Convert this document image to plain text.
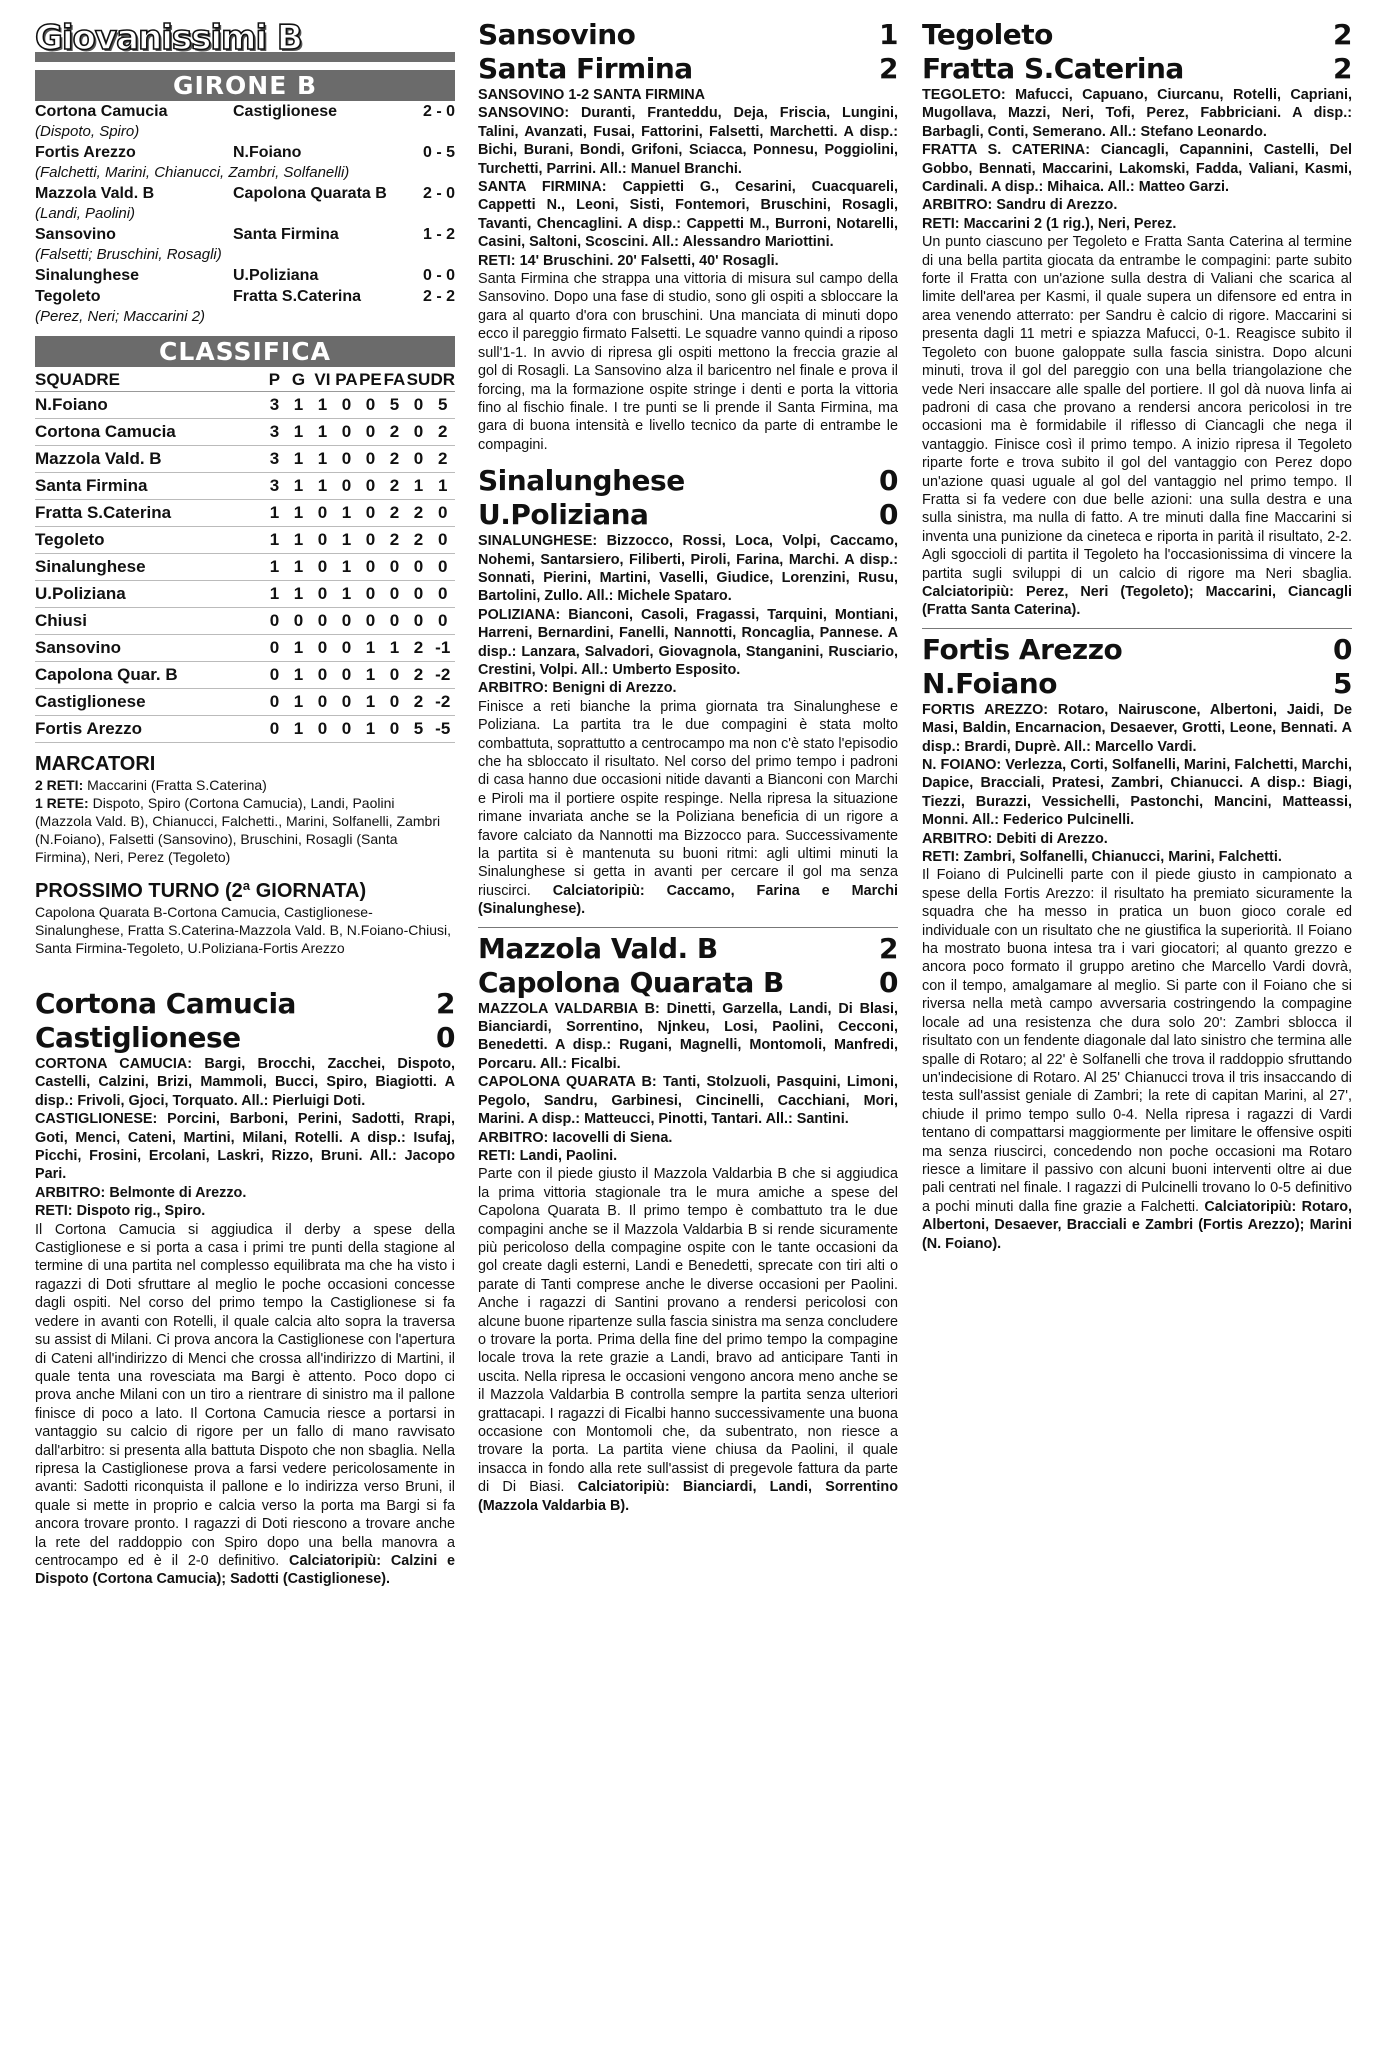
Giovanissimi B
GIRONE B
Cortona Camucia	Castiglionese	2 - 0
(Dispoto, Spiro)
Fortis Arezzo	N.Foiano	0 - 5
(Falchetti, Marini, Chianucci, Zambri, Solfanelli)
Mazzola Vald. B	Capolona Quarata B	2 - 0
(Landi, Paolini)
Sansovino	Santa Firmina	1 - 2
(Falsetti; Bruschini, Rosagli)
Sinalunghese	U.Poliziana	0 - 0
Tegoleto	Fratta S.Caterina	2 - 2
(Perez, Neri; Maccarini 2)
CLASSIFICA
SQUADRE	P	G	VI	PA	PE	FA	SU	DR
N.Foiano	3	1	1	0	0	5	0	5
Cortona Camucia	3	1	1	0	0	2	0	2
Mazzola Vald. B	3	1	1	0	0	2	0	2
Santa Firmina	3	1	1	0	0	2	1	1
Fratta S.Caterina	1	1	0	1	0	2	2	0
Tegoleto	1	1	0	1	0	2	2	0
Sinalunghese	1	1	0	1	0	0	0	0
U.Poliziana	1	1	0	1	0	0	0	0
Chiusi	0	0	0	0	0	0	0	0
Sansovino	0	1	0	0	1	1	2	-1
Capolona Quar. B	0	1	0	0	1	0	2	-2
Castiglionese	0	1	0	0	1	0	2	-2
Fortis Arezzo	0	1	0	0	1	0	5	-5
MARCATORI
2 RETI: Maccarini (Fratta S.Caterina)
1 RETE: Dispoto, Spiro (Cortona Camucia), Landi, Paolini (Mazzola Vald. B), Chianucci, Falchetti., Marini, Solfanelli, Zambri (N.Foiano), Falsetti (Sansovino), Bruschini, Rosagli (Santa Firmina), Neri, Perez (Tegoleto)
PROSSIMO TURNO (2ª GIORNATA)
Capolona Quarata B-Cortona Camucia, Castiglionese-Sinalunghese, Fratta S.Caterina-Mazzola Vald. B, N.Foiano-Chiusi, Santa Firmina-Tegoleto, U.Poliziana-Fortis Arezzo
Cortona Camucia	2
Castiglionese	0
CORTONA CAMUCIA: Bargi, Brocchi, Zacchei, Dispoto, Castelli, Calzini, Brizi, Mammoli, Bucci, Spiro, Biagiotti. A disp.: Frivoli, Gjoci, Torquato. All.: Pierluigi Doti.
CASTIGLIONESE: Porcini, Barboni, Perini, Sadotti, Rrapi, Goti, Menci, Cateni, Martini, Milani, Rotelli. A disp.: Isufaj, Picchi, Frosini, Ercolani, Laskri, Rizzo, Bruni. All.: Jacopo Pari.
ARBITRO: Belmonte di Arezzo.
RETI: Dispoto rig., Spiro.
Il Cortona Camucia si aggiudica il derby a spese della Castiglionese e si porta a casa i primi tre punti della stagione al termine di una partita nel complesso equilibrata ma che ha visto i ragazzi di Doti sfruttare al meglio le poche occasioni concesse dagli ospiti. Nel corso del primo tempo la Castiglionese si fa vedere in avanti con Rotelli, il quale calcia alto sopra la traversa su assist di Milani. Ci prova ancora la Castiglionese con l'apertura di Cateni all'indirizzo di Menci che crossa all'indirizzo di Martini, il quale tenta una rovesciata ma Bargi è attento. Poco dopo ci prova anche Milani con un tiro a rientrare di sinistro ma il pallone finisce di poco a lato. Il Cortona Camucia riesce a portarsi in vantaggio su calcio di rigore per un fallo di mano ravvisato dall'arbitro: si presenta alla battuta Dispoto che non sbaglia. Nella ripresa la Castiglionese prova a farsi vedere pericolosamente in avanti: Sadotti riconquista il pallone e lo indirizza verso Bruni, il quale si mette in proprio e calcia verso la porta ma Bargi si fa ancora trovare pronto. I ragazzi di Doti riescono a trovare anche la rete del raddoppio con Spiro dopo una bella manovra a centrocampo ed è il 2-0 definitivo. Calciatoripiù: Calzini e Dispoto (Cortona Camucia); Sadotti (Castiglionese).
Sansovino	1
Santa Firmina	2
SANSOVINO 1-2 SANTA FIRMINA
SANSOVINO: Duranti, Franteddu, Deja, Friscia, Lungini, Talini, Avanzati, Fusai, Fattorini, Falsetti, Marchetti. A disp.: Bichi, Burani, Bondi, Grifoni, Sciacca, Ponnesu, Poggiolini, Turchetti, Parrini. All.: Manuel Branchi.
SANTA FIRMINA: Cappietti G., Cesarini, Cuacquareli, Cappetti N., Leoni, Sisti, Fontemori, Bruschini, Rosagli, Tavanti, Chencaglini. A disp.: Cappetti M., Burroni, Notarelli, Casini, Saltoni, Scoscini. All.: Alessandro Mariottini.
RETI: 14' Bruschini. 20' Falsetti, 40' Rosagli.
Santa Firmina che strappa una vittoria di misura sul campo della Sansovino. Dopo una fase di studio, sono gli ospiti a sbloccare la gara al quarto d'ora con bruschini. Una manciata di minuti dopo ecco il pareggio firmato Falsetti. Le squadre vanno quindi a riposo sull'1-1. In avvio di ripresa gli ospiti mettono la freccia grazie al gol di Rosagli. La Sansovino alza il baricentro nel finale e prova il forcing, ma la formazione ospite stringe i denti e porta la vittoria fino al fischio finale. I tre punti se li prende il Santa Firmina, ma gara di buona intensità e livello tecnico da parte di entrambe le compagini.
Sinalunghese	0
U.Poliziana	0
SINALUNGHESE: Bizzocco, Rossi, Loca, Volpi, Caccamo, Nohemi, Santarsiero, Filiberti, Piroli, Farina, Marchi. A disp.: Sonnati, Pierini, Martini, Vaselli, Giudice, Lorenzini, Rusu, Bartolini, Zullo. All.: Michele Spataro.
POLIZIANA: Bianconi, Casoli, Fragassi, Tarquini, Montiani, Harreni, Bernardini, Fanelli, Nannotti, Roncaglia, Pannese. A disp.: Lanzara, Salvadori, Giovagnola, Stanganini, Rusciario, Crestini, Volpi. All.: Umberto Esposito.
ARBITRO: Benigni di Arezzo.
Finisce a reti bianche la prima giornata tra Sinalunghese e Poliziana. La partita tra le due compagini è stata molto combattuta, soprattutto a centrocampo ma non c'è stato l'episodio che ha sbloccato il risultato. Nel corso del primo tempo i padroni di casa hanno due occasioni nitide davanti a Bianconi con Marchi e Piroli ma il portiere ospite respinge. Nella ripresa la situazione rimane invariata anche se la Poliziana beneficia di un rigore a favore calciato da Nannotti ma Bizzocco para. Successivamente la partita si è mantenuta su buoni ritmi: agli ultimi minuti la Sinalunghese si getta in avanti per cercare il gol ma senza riuscirci. Calciatoripiù: Caccamo, Farina e Marchi (Sinalunghese).
Mazzola Vald. B	2
Capolona Quarata B	0
MAZZOLA VALDARBIA B: Dinetti, Garzella, Landi, Di Blasi, Bianciardi, Sorrentino, Njnkeu, Losi, Paolini, Cecconi, Benedetti. A disp.: Rugani, Magnelli, Montomoli, Manfredi, Porcaru. All.: Ficalbi.
CAPOLONA QUARATA B: Tanti, Stolzuoli, Pasquini, Limoni, Pegolo, Sandru, Garbinesi, Cincinelli, Cacchiani, Mori, Marini. A disp.: Matteucci, Pinotti, Tantari. All.: Santini.
ARBITRO: Iacovelli di Siena.
RETI: Landi, Paolini.
Parte con il piede giusto il Mazzola Valdarbia B che si aggiudica la prima vittoria stagionale tra le mura amiche a spese del Capolona Quarata B. Il primo tempo è combattuto tra le due compagini anche se il Mazzola Valdarbia B si rende sicuramente più pericoloso della compagine ospite con le tante occasioni da gol create dagli esterni, Landi e Benedetti, sprecate con tiri alti o parate di Tanti comprese anche le diverse occasioni per Paolini. Anche i ragazzi di Santini provano a rendersi pericolosi con alcune buone ripartenze sulla fascia sinistra ma senza concludere o trovare la porta. Prima della fine del primo tempo la compagine locale trova la rete grazie a Landi, bravo ad anticipare Tanti in uscita. Nella ripresa le occasioni vengono ancora meno anche se il Mazzola Valdarbia B controlla sempre la partita senza ulteriori grattacapi. I ragazzi di Ficalbi hanno successivamente una buona occasione con Montomoli che, da subentrato, non riesce a trovare la porta. La partita viene chiusa da Paolini, il quale insacca in fondo alla rete sull'assist di pregevole fattura da parte di Di Biasi. Calciatoripiù: Bianciardi, Landi, Sorrentino (Mazzola Valdarbia B).
Tegoleto	2
Fratta S.Caterina	2
TEGOLETO: Mafucci, Capuano, Ciurcanu, Rotelli, Capriani, Mugollava, Mazzi, Neri, Tofi, Perez, Fabbriciani. A disp.: Barbagli, Conti, Semerano. All.: Stefano Leonardo.
FRATTA S. CATERINA: Ciancagli, Capannini, Castelli, Del Gobbo, Bennati, Maccarini, Lakomski, Fadda, Valiani, Kasmi, Cardinali. A disp.: Mihaica. All.: Matteo Garzi.
ARBITRO: Sandru di Arezzo.
RETI: Maccarini 2 (1 rig.), Neri, Perez.
Un punto ciascuno per Tegoleto e Fratta Santa Caterina al termine di una bella partita giocata da entrambe le compagini: parte subito forte il Fratta con un'azione sulla destra di Valiani che scarica al limite dell'area per Kasmi, il quale supera un difensore ed entra in area venendo atterrato: per Sandru è calcio di rigore. Maccarini si presenta dagli 11 metri e spiazza Mafucci, 0-1. Reagisce subito il Tegoleto con buone galoppate sulla fascia sinistra. Dopo alcuni minuti, trova il gol del pareggio con una bella triangolazione che vede Neri insaccare alle spalle del portiere. Il gol dà nuova linfa ai padroni di casa che provano a rendersi ancora pericolosi in tre occasioni ma è formidabile il riflesso di Ciancagli che nega il vantaggio. Finisce così il primo tempo. A inizio ripresa il Tegoleto riparte forte e trova subito il gol del vantaggio con Perez dopo un'azione quasi uguale al gol del vantaggio nel primo tempo. Il Fratta si fa vedere con due belle azioni: una sulla destra e una sulla sinistra, ma nulla di fatto. A tre minuti dalla fine Maccarini si inventa una punizione da cineteca e riporta in parità il risultato, 2-2. Agli sgoccioli di partita il Tegoleto ha l'occasionissima di vincere la partita sugli sviluppi di un calcio di rigore ma Neri sbaglia. Calciatoripiù: Perez, Neri (Tegoleto); Maccarini, Ciancagli (Fratta Santa Caterina).
Fortis Arezzo	0
N.Foiano	5
FORTIS AREZZO: Rotaro, Nairuscone, Albertoni, Jaidi, De Masi, Baldin, Encarnacion, Desaever, Grotti, Leone, Bennati. A disp.: Brardi, Duprè. All.: Marcello Vardi.
N. FOIANO: Verlezza, Corti, Solfanelli, Marini, Falchetti, Marchi, Dapice, Bracciali, Pratesi, Zambri, Chianucci. A disp.: Biagi, Tiezzi, Burazzi, Vessichelli, Pastonchi, Mancini, Matteassi, Monni. All.: Federico Pulcinelli.
ARBITRO: Debiti di Arezzo.
RETI: Zambri, Solfanelli, Chianucci, Marini, Falchetti.
Il Foiano di Pulcinelli parte con il piede giusto in campionato a spese della Fortis Arezzo: il risultato ha premiato sicuramente la squadra che ha messo in pratica un buon gioco corale ed individuale con un risultato che ne giustifica la superiorità. Il Foiano ha mostrato buona intesa tra i vari giocatori; al quanto grezzo e ancora poco formato il gruppo aretino che Marcello Vardi dovrà, con il tempo, amalgamare al meglio. Si parte con il Foiano che si riversa nella metà campo avversaria costringendo la compagine locale ad una resistenza che dura solo 20': Zambri sblocca il risultato con un fendente diagonale dal lato sinistro che termina alle spalle di Rotaro; al 22' è Solfanelli che trova il raddoppio sfruttando un'indecisione di Rotaro. Al 25' Chianucci trova il tris insaccando di testa sull'assist geniale di Zambri; la rete di capitan Marini, al 27', chiude il primo tempo sullo 0-4. Nella ripresa i ragazzi di Vardi tentano di compattarsi maggiormente per limitare le offensive ospiti ma senza riuscirci, concedendo non poche occasioni ma Rotaro riesce a limitare il passivo con alcuni buoni interventi oltre ai due pali centrati nel finale. I ragazzi di Pulcinelli trovano lo 0-5 definitivo a pochi minuti dalla fine grazie a Falchetti. Calciatoripiù: Rotaro, Albertoni, Desaever, Bracciali e Zambri (Fortis Arezzo); Marini (N. Foiano).
